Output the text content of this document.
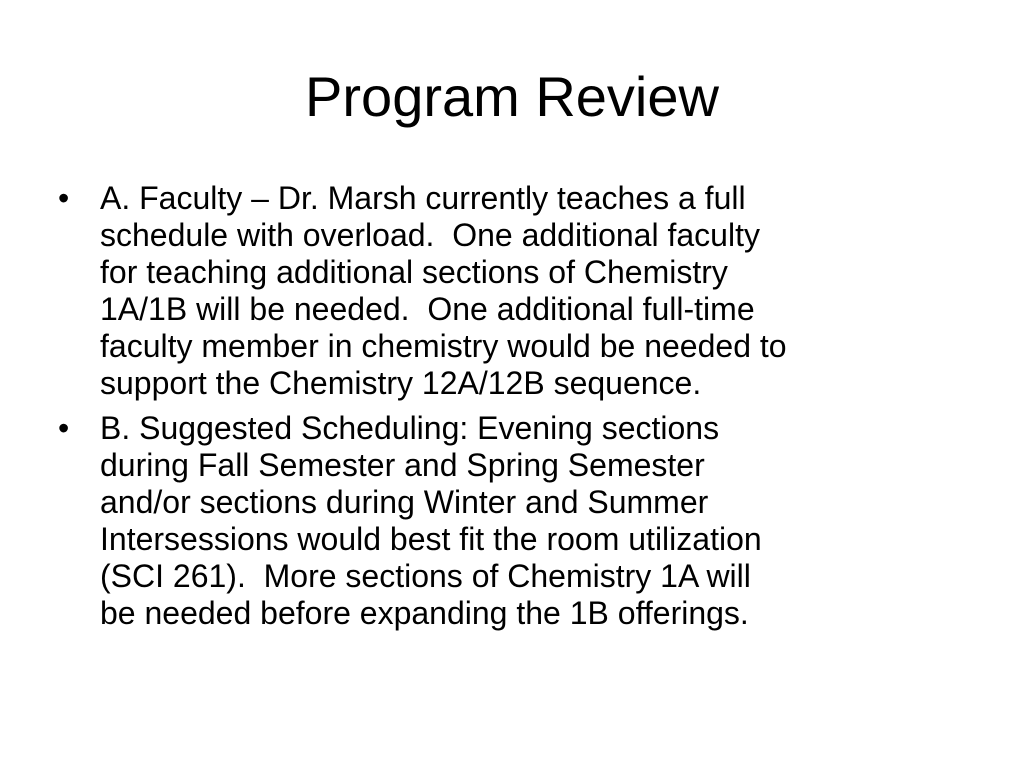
Program Review
• A. Faculty – Dr. Marsh currently teaches a full
schedule with overload.  One additional faculty
for teaching additional sections of Chemistry
1A/1B will be needed.  One additional full-time
faculty member in chemistry would be needed to
support the Chemistry 12A/12B sequence.
• B. Suggested Scheduling: Evening sections
during Fall Semester and Spring Semester
and/or sections during Winter and Summer
Intersessions would best fit the room utilization
(SCI 261).  More sections of Chemistry 1A will
be needed before expanding the 1B offerings.
